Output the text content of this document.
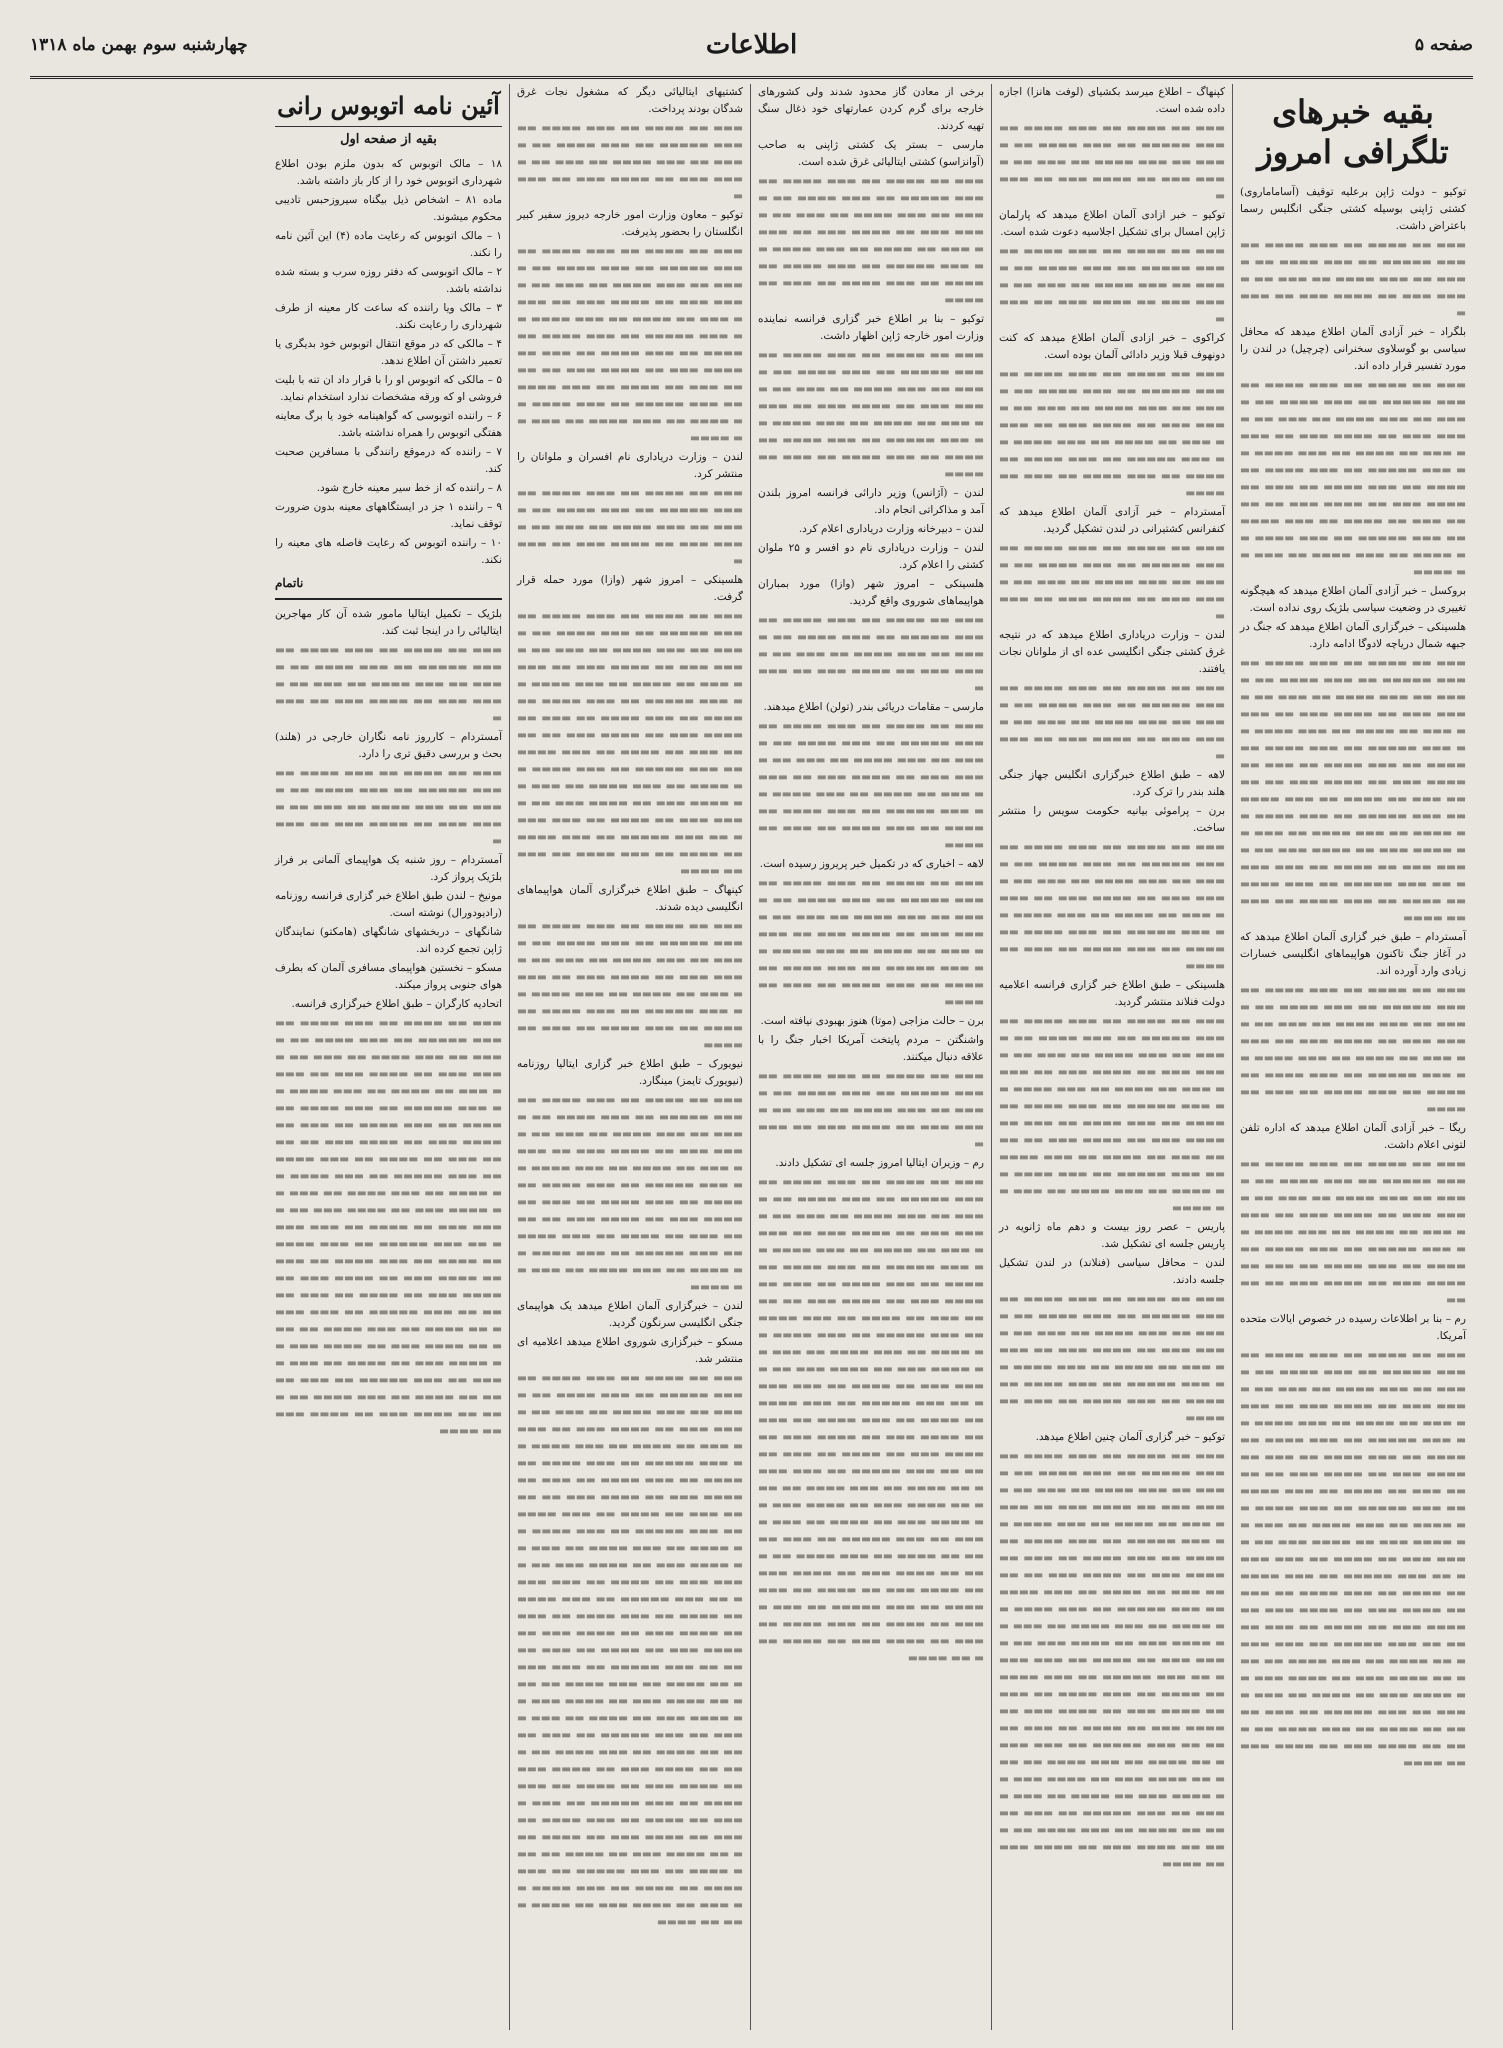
صفحه ۵
اطلاعات
چهارشنبه سوم بهمن ماه ۱۳۱۸
بقیه خبرهای تلگرافی امروز

توکیو – دولت ژاپن برعلیه توقیف (آساماماروی) کشتی ژاپنی بوسیله کشتی جنگی انگلیس رسما باعتراض داشت.

▬▬▬ ▬▬ ▬▬▬▬ ▬▬ ▬▬▬ ▬▬▬▬ ▬▬ ▬▬▬ ▬▬▬▬▬ ▬▬ ▬▬▬ ▬▬▬▬ ▬▬ ▬▬▬▬ ▬▬ ▬▬▬ ▬▬▬▬ ▬▬ ▬▬▬ ▬▬ ▬▬▬▬ ▬▬▬ ▬▬ ▬▬▬▬ ▬▬▬ ▬▬ ▬▬▬▬

بلگراد – خبر آزادی آلمان اطلاع میدهد که محافل سیاسی بو گوسلاوی سخنرانی (چرچیل) در لندن را مورد تفسیر قرار داده اند.

▬▬▬ ▬▬ ▬▬▬▬ ▬▬ ▬▬▬ ▬▬▬▬ ▬▬ ▬▬▬ ▬▬▬▬▬ ▬▬ ▬▬▬ ▬▬▬▬ ▬▬ ▬▬▬▬ ▬▬ ▬▬▬ ▬▬▬▬ ▬▬ ▬▬▬ ▬▬ ▬▬▬▬ ▬▬▬ ▬▬ ▬▬▬▬ ▬▬▬ ▬▬ ▬▬▬▬ ▬▬▬ ▬▬ ▬▬▬▬ ▬▬ ▬▬▬ ▬▬▬▬ ▬▬ ▬▬▬ ▬▬▬▬▬ ▬▬ ▬▬▬ ▬▬▬▬ ▬▬ ▬▬▬▬ ▬▬ ▬▬▬ ▬▬▬▬ ▬▬ ▬▬▬ ▬▬ ▬▬▬▬ ▬▬▬ ▬▬ ▬▬▬▬ ▬▬▬ ▬▬ ▬▬▬▬ ▬▬▬ ▬▬ ▬▬▬▬ ▬▬ ▬▬▬ ▬▬▬▬ ▬▬ ▬▬▬ ▬▬▬▬▬ ▬▬ ▬▬▬ ▬▬▬▬ ▬▬ ▬▬▬▬ ▬▬ ▬▬▬ ▬▬▬▬ ▬▬ ▬▬▬ ▬▬ ▬▬▬▬

بروکسل – خبر آزادی آلمان اطلاع میدهد که هیچگونه تغییری در وضعیت سیاسی بلژیک روی نداده است.

هلسینکی – خبرگزاری آلمان اطلاع میدهد که جنگ در جبهه شمال دریاچه لادوگا ادامه دارد.

▬▬▬ ▬▬ ▬▬▬▬ ▬▬ ▬▬▬ ▬▬▬▬ ▬▬ ▬▬▬ ▬▬▬▬▬ ▬▬ ▬▬▬ ▬▬▬▬ ▬▬ ▬▬▬▬ ▬▬ ▬▬▬ ▬▬▬▬ ▬▬ ▬▬▬ ▬▬ ▬▬▬▬ ▬▬▬ ▬▬ ▬▬▬▬ ▬▬▬ ▬▬ ▬▬▬▬ ▬▬▬ ▬▬ ▬▬▬▬ ▬▬ ▬▬▬ ▬▬▬▬ ▬▬ ▬▬▬ ▬▬▬▬▬ ▬▬ ▬▬▬ ▬▬▬▬ ▬▬ ▬▬▬▬ ▬▬ ▬▬▬ ▬▬▬▬ ▬▬ ▬▬▬ ▬▬ ▬▬▬▬ ▬▬▬ ▬▬ ▬▬▬▬ ▬▬▬ ▬▬ ▬▬▬▬ ▬▬▬ ▬▬ ▬▬▬▬ ▬▬ ▬▬▬ ▬▬▬▬ ▬▬ ▬▬▬ ▬▬▬▬▬ ▬▬ ▬▬▬ ▬▬▬▬ ▬▬ ▬▬▬▬ ▬▬ ▬▬▬ ▬▬▬▬ ▬▬ ▬▬▬ ▬▬ ▬▬▬▬ ▬▬▬ ▬▬ ▬▬▬▬ ▬▬▬ ▬▬ ▬▬▬▬ ▬▬▬ ▬▬ ▬▬▬▬ ▬▬ ▬▬▬ ▬▬▬▬ ▬▬ ▬▬▬ ▬▬▬▬▬ ▬▬ ▬▬▬ ▬▬▬▬ ▬▬ ▬▬▬▬ ▬▬ ▬▬▬ ▬▬▬▬ ▬▬ ▬▬▬ ▬▬ ▬▬▬▬

آمستردام – طبق خبر گزاری آلمان اطلاع میدهد که در آغاز جنگ تاکنون هواپیماهای انگلیسی خسارات زیادی وارد آورده اند.

▬▬▬ ▬▬ ▬▬▬▬ ▬▬ ▬▬▬ ▬▬▬▬ ▬▬ ▬▬▬ ▬▬▬▬▬ ▬▬ ▬▬▬ ▬▬▬▬ ▬▬ ▬▬▬▬ ▬▬ ▬▬▬ ▬▬▬▬ ▬▬ ▬▬▬ ▬▬ ▬▬▬▬ ▬▬▬ ▬▬ ▬▬▬▬ ▬▬▬ ▬▬ ▬▬▬▬ ▬▬▬ ▬▬ ▬▬▬▬ ▬▬ ▬▬▬ ▬▬▬▬ ▬▬ ▬▬▬ ▬▬▬▬▬ ▬▬ ▬▬▬ ▬▬▬▬ ▬▬ ▬▬▬▬ ▬▬ ▬▬▬ ▬▬▬▬ ▬▬ ▬▬▬ ▬▬ ▬▬▬▬

ریگا – خبر آزادی آلمان اطلاع میدهد که اداره تلفن لتونی اعلام داشت.

▬▬▬ ▬▬ ▬▬▬▬ ▬▬ ▬▬▬ ▬▬▬▬ ▬▬ ▬▬▬ ▬▬▬▬▬ ▬▬ ▬▬▬ ▬▬▬▬ ▬▬ ▬▬▬▬ ▬▬ ▬▬▬ ▬▬▬▬ ▬▬ ▬▬▬ ▬▬ ▬▬▬▬ ▬▬▬ ▬▬ ▬▬▬▬ ▬▬▬ ▬▬ ▬▬▬▬ ▬▬▬ ▬▬ ▬▬▬▬ ▬▬ ▬▬▬ ▬▬▬▬ ▬▬ ▬▬▬ ▬▬▬▬▬ ▬▬ ▬▬▬ ▬▬▬▬ ▬▬ ▬▬▬▬ ▬▬ ▬▬▬ ▬▬▬▬ ▬▬ ▬▬▬ ▬▬ ▬▬▬▬ ▬▬▬ ▬▬ ▬▬▬▬ ▬▬▬ ▬▬ ▬▬▬▬

رم – بنا بر اطلاعات رسیده در خصوص ایالات متحده آمریکا.

▬▬▬ ▬▬ ▬▬▬▬ ▬▬ ▬▬▬ ▬▬▬▬ ▬▬ ▬▬▬ ▬▬▬▬▬ ▬▬ ▬▬▬ ▬▬▬▬ ▬▬ ▬▬▬▬ ▬▬ ▬▬▬ ▬▬▬▬ ▬▬ ▬▬▬ ▬▬ ▬▬▬▬ ▬▬▬ ▬▬ ▬▬▬▬ ▬▬▬ ▬▬ ▬▬▬▬ ▬▬▬ ▬▬ ▬▬▬▬ ▬▬ ▬▬▬ ▬▬▬▬ ▬▬ ▬▬▬ ▬▬▬▬▬ ▬▬ ▬▬▬ ▬▬▬▬ ▬▬ ▬▬▬▬ ▬▬ ▬▬▬ ▬▬▬▬ ▬▬ ▬▬▬ ▬▬ ▬▬▬▬ ▬▬▬ ▬▬ ▬▬▬▬ ▬▬▬ ▬▬ ▬▬▬▬ ▬▬▬ ▬▬ ▬▬▬▬ ▬▬ ▬▬▬ ▬▬▬▬ ▬▬ ▬▬▬ ▬▬▬▬▬ ▬▬ ▬▬▬ ▬▬▬▬ ▬▬ ▬▬▬▬ ▬▬ ▬▬▬ ▬▬▬▬ ▬▬ ▬▬▬ ▬▬ ▬▬▬▬ ▬▬▬ ▬▬ ▬▬▬▬ ▬▬▬ ▬▬ ▬▬▬▬ ▬▬▬ ▬▬ ▬▬▬▬ ▬▬ ▬▬▬ ▬▬▬▬ ▬▬ ▬▬▬ ▬▬▬▬▬ ▬▬ ▬▬▬ ▬▬▬▬ ▬▬ ▬▬▬▬ ▬▬ ▬▬▬ ▬▬▬▬ ▬▬ ▬▬▬ ▬▬ ▬▬▬▬ ▬▬▬ ▬▬ ▬▬▬▬ ▬▬▬ ▬▬ ▬▬▬▬ ▬▬▬ ▬▬ ▬▬▬▬ ▬▬ ▬▬▬ ▬▬▬▬ ▬▬ ▬▬▬ ▬▬▬▬▬ ▬▬ ▬▬▬ ▬▬▬▬ ▬▬ ▬▬▬▬ ▬▬ ▬▬▬ ▬▬▬▬ ▬▬ ▬▬▬ ▬▬ ▬▬▬▬ ▬▬▬ ▬▬ ▬▬▬▬ ▬▬▬ ▬▬ ▬▬▬▬ ▬▬▬ ▬▬ ▬▬▬▬ ▬▬ ▬▬▬ ▬▬▬▬ ▬▬ ▬▬▬ ▬▬▬▬▬ ▬▬ ▬▬▬ ▬▬▬▬ ▬▬ ▬▬▬▬ ▬▬ ▬▬▬ ▬▬▬▬ ▬▬ ▬▬▬ ▬▬ ▬▬▬▬ ▬▬▬ ▬▬ ▬▬▬▬ ▬▬▬ ▬▬ ▬▬▬▬

کپنهاگ – اطلاع میرسد بکشیای (لوفت هانزا) اجازه داده شده است.

▬▬▬ ▬▬ ▬▬▬▬ ▬▬ ▬▬▬ ▬▬▬▬ ▬▬ ▬▬▬ ▬▬▬▬▬ ▬▬ ▬▬▬ ▬▬▬▬ ▬▬ ▬▬▬▬ ▬▬ ▬▬▬ ▬▬▬▬ ▬▬ ▬▬▬ ▬▬ ▬▬▬▬ ▬▬▬ ▬▬ ▬▬▬▬ ▬▬▬ ▬▬ ▬▬▬▬

توکیو – خبر ازادی آلمان اطلاع میدهد که پارلمان ژاپن امسال برای تشکیل اجلاسیه دعوت شده است.

▬▬▬ ▬▬ ▬▬▬▬ ▬▬ ▬▬▬ ▬▬▬▬ ▬▬ ▬▬▬ ▬▬▬▬▬ ▬▬ ▬▬▬ ▬▬▬▬ ▬▬ ▬▬▬▬ ▬▬ ▬▬▬ ▬▬▬▬ ▬▬ ▬▬▬ ▬▬ ▬▬▬▬ ▬▬▬ ▬▬ ▬▬▬▬ ▬▬▬ ▬▬ ▬▬▬▬

کراکوی – خبر ازادی آلمان اطلاع میدهد که کنت دونهوف قبلا وزیر دادائی آلمان بوده است.

▬▬▬ ▬▬ ▬▬▬▬ ▬▬ ▬▬▬ ▬▬▬▬ ▬▬ ▬▬▬ ▬▬▬▬▬ ▬▬ ▬▬▬ ▬▬▬▬ ▬▬ ▬▬▬▬ ▬▬ ▬▬▬ ▬▬▬▬ ▬▬ ▬▬▬ ▬▬ ▬▬▬▬ ▬▬▬ ▬▬ ▬▬▬▬ ▬▬▬ ▬▬ ▬▬▬▬ ▬▬▬ ▬▬ ▬▬▬▬ ▬▬ ▬▬▬ ▬▬▬▬ ▬▬ ▬▬▬ ▬▬▬▬▬ ▬▬ ▬▬▬ ▬▬▬▬ ▬▬ ▬▬▬▬ ▬▬ ▬▬▬ ▬▬▬▬ ▬▬ ▬▬▬ ▬▬ ▬▬▬▬

آمستردام – خبر آزادی آلمان اطلاع میدهد که کنفرانس کشتیرانی در لندن تشکیل گردید.

▬▬▬ ▬▬ ▬▬▬▬ ▬▬ ▬▬▬ ▬▬▬▬ ▬▬ ▬▬▬ ▬▬▬▬▬ ▬▬ ▬▬▬ ▬▬▬▬ ▬▬ ▬▬▬▬ ▬▬ ▬▬▬ ▬▬▬▬ ▬▬ ▬▬▬ ▬▬ ▬▬▬▬ ▬▬▬ ▬▬ ▬▬▬▬ ▬▬▬ ▬▬ ▬▬▬▬

لندن – وزارت دریاداری اطلاع میدهد که در نتیجه غرق کشتی جنگی انگلیسی عده ای از ملوانان نجات یافتند.

▬▬▬ ▬▬ ▬▬▬▬ ▬▬ ▬▬▬ ▬▬▬▬ ▬▬ ▬▬▬ ▬▬▬▬▬ ▬▬ ▬▬▬ ▬▬▬▬ ▬▬ ▬▬▬▬ ▬▬ ▬▬▬ ▬▬▬▬ ▬▬ ▬▬▬ ▬▬ ▬▬▬▬ ▬▬▬ ▬▬ ▬▬▬▬ ▬▬▬ ▬▬ ▬▬▬▬

لاهه – طبق اطلاع خبرگزاری انگلیس جهاز جنگی هلند بندر را ترک کرد.

برن – پراموئی بیانیه حکومت سویس را منتشر ساخت.

▬▬▬ ▬▬ ▬▬▬▬ ▬▬ ▬▬▬ ▬▬▬▬ ▬▬ ▬▬▬ ▬▬▬▬▬ ▬▬ ▬▬▬ ▬▬▬▬ ▬▬ ▬▬▬▬ ▬▬ ▬▬▬ ▬▬▬▬ ▬▬ ▬▬▬ ▬▬ ▬▬▬▬ ▬▬▬ ▬▬ ▬▬▬▬ ▬▬▬ ▬▬ ▬▬▬▬ ▬▬▬ ▬▬ ▬▬▬▬ ▬▬ ▬▬▬ ▬▬▬▬ ▬▬ ▬▬▬ ▬▬▬▬▬ ▬▬ ▬▬▬ ▬▬▬▬ ▬▬ ▬▬▬▬ ▬▬ ▬▬▬ ▬▬▬▬ ▬▬ ▬▬▬ ▬▬ ▬▬▬▬

هلسینکی – طبق اطلاع خبر گزاری فرانسه اعلامیه دولت فنلاند منتشر گردید.

▬▬▬ ▬▬ ▬▬▬▬ ▬▬ ▬▬▬ ▬▬▬▬ ▬▬ ▬▬▬ ▬▬▬▬▬ ▬▬ ▬▬▬ ▬▬▬▬ ▬▬ ▬▬▬▬ ▬▬ ▬▬▬ ▬▬▬▬ ▬▬ ▬▬▬ ▬▬ ▬▬▬▬ ▬▬▬ ▬▬ ▬▬▬▬ ▬▬▬ ▬▬ ▬▬▬▬ ▬▬▬ ▬▬ ▬▬▬▬ ▬▬ ▬▬▬ ▬▬▬▬ ▬▬ ▬▬▬ ▬▬▬▬▬ ▬▬ ▬▬▬ ▬▬▬▬ ▬▬ ▬▬▬▬ ▬▬ ▬▬▬ ▬▬▬▬ ▬▬ ▬▬▬ ▬▬ ▬▬▬▬ ▬▬▬ ▬▬ ▬▬▬▬ ▬▬▬ ▬▬ ▬▬▬▬ ▬▬▬ ▬▬ ▬▬▬▬ ▬▬ ▬▬▬ ▬▬▬▬ ▬▬ ▬▬▬ ▬▬▬▬▬ ▬▬ ▬▬▬ ▬▬▬▬ ▬▬ ▬▬▬▬ ▬▬ ▬▬▬ ▬▬▬▬ ▬▬ ▬▬▬ ▬▬ ▬▬▬▬

پاریس – عصر روز بیست و دهم ماه ژانویه در پاریس جلسه ای تشکیل شد.

لندن – محافل سیاسی (فنلاند) در لندن تشکیل جلسه دادند.

▬▬▬ ▬▬ ▬▬▬▬ ▬▬ ▬▬▬ ▬▬▬▬ ▬▬ ▬▬▬ ▬▬▬▬▬ ▬▬ ▬▬▬ ▬▬▬▬ ▬▬ ▬▬▬▬ ▬▬ ▬▬▬ ▬▬▬▬ ▬▬ ▬▬▬ ▬▬ ▬▬▬▬ ▬▬▬ ▬▬ ▬▬▬▬ ▬▬▬ ▬▬ ▬▬▬▬ ▬▬▬ ▬▬ ▬▬▬▬ ▬▬ ▬▬▬ ▬▬▬▬ ▬▬ ▬▬▬ ▬▬▬▬▬ ▬▬ ▬▬▬ ▬▬▬▬ ▬▬ ▬▬▬▬ ▬▬ ▬▬▬ ▬▬▬▬ ▬▬ ▬▬▬ ▬▬ ▬▬▬▬

توکیو – خبر گزاری آلمان چنین اطلاع میدهد.

▬▬▬ ▬▬ ▬▬▬▬ ▬▬ ▬▬▬ ▬▬▬▬ ▬▬ ▬▬▬ ▬▬▬▬▬ ▬▬ ▬▬▬ ▬▬▬▬ ▬▬ ▬▬▬▬ ▬▬ ▬▬▬ ▬▬▬▬ ▬▬ ▬▬▬ ▬▬ ▬▬▬▬ ▬▬▬ ▬▬ ▬▬▬▬ ▬▬▬ ▬▬ ▬▬▬▬ ▬▬▬ ▬▬ ▬▬▬▬ ▬▬ ▬▬▬ ▬▬▬▬ ▬▬ ▬▬▬ ▬▬▬▬▬ ▬▬ ▬▬▬ ▬▬▬▬ ▬▬ ▬▬▬▬ ▬▬ ▬▬▬ ▬▬▬▬ ▬▬ ▬▬▬ ▬▬ ▬▬▬▬ ▬▬▬ ▬▬ ▬▬▬▬ ▬▬▬ ▬▬ ▬▬▬▬ ▬▬▬ ▬▬ ▬▬▬▬ ▬▬ ▬▬▬ ▬▬▬▬ ▬▬ ▬▬▬ ▬▬▬▬▬ ▬▬ ▬▬▬ ▬▬▬▬ ▬▬ ▬▬▬▬ ▬▬ ▬▬▬ ▬▬▬▬ ▬▬ ▬▬▬ ▬▬ ▬▬▬▬ ▬▬▬ ▬▬ ▬▬▬▬ ▬▬▬ ▬▬ ▬▬▬▬ ▬▬▬ ▬▬ ▬▬▬▬ ▬▬ ▬▬▬ ▬▬▬▬ ▬▬ ▬▬▬ ▬▬▬▬▬ ▬▬ ▬▬▬ ▬▬▬▬ ▬▬ ▬▬▬▬ ▬▬ ▬▬▬ ▬▬▬▬ ▬▬ ▬▬▬ ▬▬ ▬▬▬▬ ▬▬▬ ▬▬ ▬▬▬▬ ▬▬▬ ▬▬ ▬▬▬▬ ▬▬▬ ▬▬ ▬▬▬▬ ▬▬ ▬▬▬ ▬▬▬▬ ▬▬ ▬▬▬ ▬▬▬▬▬ ▬▬ ▬▬▬ ▬▬▬▬ ▬▬ ▬▬▬▬ ▬▬ ▬▬▬ ▬▬▬▬ ▬▬ ▬▬▬ ▬▬ ▬▬▬▬ ▬▬▬ ▬▬ ▬▬▬▬ ▬▬▬ ▬▬ ▬▬▬▬ ▬▬▬ ▬▬ ▬▬▬▬ ▬▬ ▬▬▬ ▬▬▬▬ ▬▬ ▬▬▬ ▬▬▬▬▬ ▬▬ ▬▬▬ ▬▬▬▬ ▬▬ ▬▬▬▬ ▬▬ ▬▬▬ ▬▬▬▬ ▬▬ ▬▬▬ ▬▬ ▬▬▬▬ ▬▬▬ ▬▬ ▬▬▬▬ ▬▬▬ ▬▬ ▬▬▬▬

برخی از معادن گاز محدود شدند ولی کشورهای خارجه برای گرم کردن عمارتهای خود ذغال سنگ تهیه کردند.

مارسی – بستر یک کشتی ژاپنی به صاحب (آوانزاسو) کشتی ایتالیائی غرق شده است.

▬▬▬ ▬▬ ▬▬▬▬ ▬▬ ▬▬▬ ▬▬▬▬ ▬▬ ▬▬▬ ▬▬▬▬▬ ▬▬ ▬▬▬ ▬▬▬▬ ▬▬ ▬▬▬▬ ▬▬ ▬▬▬ ▬▬▬▬ ▬▬ ▬▬▬ ▬▬ ▬▬▬▬ ▬▬▬ ▬▬ ▬▬▬▬ ▬▬▬ ▬▬ ▬▬▬▬ ▬▬▬ ▬▬ ▬▬▬▬ ▬▬ ▬▬▬ ▬▬▬▬ ▬▬ ▬▬▬ ▬▬▬▬▬ ▬▬ ▬▬▬ ▬▬▬▬ ▬▬ ▬▬▬▬ ▬▬ ▬▬▬ ▬▬▬▬ ▬▬ ▬▬▬ ▬▬ ▬▬▬▬

توکیو – بنا بر اطلاع خبر گزاری فرانسه نماینده وزارت امور خارجه ژاپن اظهار داشت.

▬▬▬ ▬▬ ▬▬▬▬ ▬▬ ▬▬▬ ▬▬▬▬ ▬▬ ▬▬▬ ▬▬▬▬▬ ▬▬ ▬▬▬ ▬▬▬▬ ▬▬ ▬▬▬▬ ▬▬ ▬▬▬ ▬▬▬▬ ▬▬ ▬▬▬ ▬▬ ▬▬▬▬ ▬▬▬ ▬▬ ▬▬▬▬ ▬▬▬ ▬▬ ▬▬▬▬ ▬▬▬ ▬▬ ▬▬▬▬ ▬▬ ▬▬▬ ▬▬▬▬ ▬▬ ▬▬▬ ▬▬▬▬▬ ▬▬ ▬▬▬ ▬▬▬▬ ▬▬ ▬▬▬▬ ▬▬ ▬▬▬ ▬▬▬▬ ▬▬ ▬▬▬ ▬▬ ▬▬▬▬

لندن – (آژانس) وزیر دارائی فرانسه امروز بلندن آمد و مذاکراتی انجام داد.

لندن – دبیرخانه وزارت دریاداری اعلام کرد.

لندن – وزارت دریاداری نام دو افسر و ۲۵ ملوان کشتی را اعلام کرد.

هلسینکی – امروز شهر (وازا) مورد بمباران هواپیماهای شوروی واقع گردید.

▬▬▬ ▬▬ ▬▬▬▬ ▬▬ ▬▬▬ ▬▬▬▬ ▬▬ ▬▬▬ ▬▬▬▬▬ ▬▬ ▬▬▬ ▬▬▬▬ ▬▬ ▬▬▬▬ ▬▬ ▬▬▬ ▬▬▬▬ ▬▬ ▬▬▬ ▬▬ ▬▬▬▬ ▬▬▬ ▬▬ ▬▬▬▬ ▬▬▬ ▬▬ ▬▬▬▬

مارسی – مقامات دریائی بندر (تولن) اطلاع میدهند.

▬▬▬ ▬▬ ▬▬▬▬ ▬▬ ▬▬▬ ▬▬▬▬ ▬▬ ▬▬▬ ▬▬▬▬▬ ▬▬ ▬▬▬ ▬▬▬▬ ▬▬ ▬▬▬▬ ▬▬ ▬▬▬ ▬▬▬▬ ▬▬ ▬▬▬ ▬▬ ▬▬▬▬ ▬▬▬ ▬▬ ▬▬▬▬ ▬▬▬ ▬▬ ▬▬▬▬ ▬▬▬ ▬▬ ▬▬▬▬ ▬▬ ▬▬▬ ▬▬▬▬ ▬▬ ▬▬▬ ▬▬▬▬▬ ▬▬ ▬▬▬ ▬▬▬▬ ▬▬ ▬▬▬▬ ▬▬ ▬▬▬ ▬▬▬▬ ▬▬ ▬▬▬ ▬▬ ▬▬▬▬

لاهه – اخباری که در تکمیل خبر پریروز رسیده است.

▬▬▬ ▬▬ ▬▬▬▬ ▬▬ ▬▬▬ ▬▬▬▬ ▬▬ ▬▬▬ ▬▬▬▬▬ ▬▬ ▬▬▬ ▬▬▬▬ ▬▬ ▬▬▬▬ ▬▬ ▬▬▬ ▬▬▬▬ ▬▬ ▬▬▬ ▬▬ ▬▬▬▬ ▬▬▬ ▬▬ ▬▬▬▬ ▬▬▬ ▬▬ ▬▬▬▬ ▬▬▬ ▬▬ ▬▬▬▬ ▬▬ ▬▬▬ ▬▬▬▬ ▬▬ ▬▬▬ ▬▬▬▬▬ ▬▬ ▬▬▬ ▬▬▬▬ ▬▬ ▬▬▬▬ ▬▬ ▬▬▬ ▬▬▬▬ ▬▬ ▬▬▬ ▬▬ ▬▬▬▬

برن – حالت مزاجی (موتا) هنوز بهبودی نیافته است.

واشنگتن – مردم پایتخت آمریکا اخبار جنگ را با علاقه دنبال میکنند.

▬▬▬ ▬▬ ▬▬▬▬ ▬▬ ▬▬▬ ▬▬▬▬ ▬▬ ▬▬▬ ▬▬▬▬▬ ▬▬ ▬▬▬ ▬▬▬▬ ▬▬ ▬▬▬▬ ▬▬ ▬▬▬ ▬▬▬▬ ▬▬ ▬▬▬ ▬▬ ▬▬▬▬ ▬▬▬ ▬▬ ▬▬▬▬ ▬▬▬ ▬▬ ▬▬▬▬

رم – وزیران ایتالیا امروز جلسه ای تشکیل دادند.

▬▬▬ ▬▬ ▬▬▬▬ ▬▬ ▬▬▬ ▬▬▬▬ ▬▬ ▬▬▬ ▬▬▬▬▬ ▬▬ ▬▬▬ ▬▬▬▬ ▬▬ ▬▬▬▬ ▬▬ ▬▬▬ ▬▬▬▬ ▬▬ ▬▬▬ ▬▬ ▬▬▬▬ ▬▬▬ ▬▬ ▬▬▬▬ ▬▬▬ ▬▬ ▬▬▬▬ ▬▬▬ ▬▬ ▬▬▬▬ ▬▬ ▬▬▬ ▬▬▬▬ ▬▬ ▬▬▬ ▬▬▬▬▬ ▬▬ ▬▬▬ ▬▬▬▬ ▬▬ ▬▬▬▬ ▬▬ ▬▬▬ ▬▬▬▬ ▬▬ ▬▬▬ ▬▬ ▬▬▬▬ ▬▬▬ ▬▬ ▬▬▬▬ ▬▬▬ ▬▬ ▬▬▬▬ ▬▬▬ ▬▬ ▬▬▬▬ ▬▬ ▬▬▬ ▬▬▬▬ ▬▬ ▬▬▬ ▬▬▬▬▬ ▬▬ ▬▬▬ ▬▬▬▬ ▬▬ ▬▬▬▬ ▬▬ ▬▬▬ ▬▬▬▬ ▬▬ ▬▬▬ ▬▬ ▬▬▬▬ ▬▬▬ ▬▬ ▬▬▬▬ ▬▬▬ ▬▬ ▬▬▬▬ ▬▬▬ ▬▬ ▬▬▬▬ ▬▬ ▬▬▬ ▬▬▬▬ ▬▬ ▬▬▬ ▬▬▬▬▬ ▬▬ ▬▬▬ ▬▬▬▬ ▬▬ ▬▬▬▬ ▬▬ ▬▬▬ ▬▬▬▬ ▬▬ ▬▬▬ ▬▬ ▬▬▬▬ ▬▬▬ ▬▬ ▬▬▬▬ ▬▬▬ ▬▬ ▬▬▬▬ ▬▬▬ ▬▬ ▬▬▬▬ ▬▬ ▬▬▬ ▬▬▬▬ ▬▬ ▬▬▬ ▬▬▬▬▬ ▬▬ ▬▬▬ ▬▬▬▬ ▬▬ ▬▬▬▬ ▬▬ ▬▬▬ ▬▬▬▬ ▬▬ ▬▬▬ ▬▬ ▬▬▬▬ ▬▬▬ ▬▬ ▬▬▬▬ ▬▬▬ ▬▬ ▬▬▬▬ ▬▬▬ ▬▬ ▬▬▬▬ ▬▬ ▬▬▬ ▬▬▬▬ ▬▬ ▬▬▬ ▬▬▬▬▬ ▬▬ ▬▬▬ ▬▬▬▬ ▬▬ ▬▬▬▬ ▬▬ ▬▬▬ ▬▬▬▬ ▬▬ ▬▬▬ ▬▬ ▬▬▬▬ ▬▬▬ ▬▬ ▬▬▬▬ ▬▬▬ ▬▬ ▬▬▬▬ ▬▬▬ ▬▬ ▬▬▬▬ ▬▬ ▬▬▬ ▬▬▬▬ ▬▬ ▬▬▬ ▬▬▬▬▬ ▬▬ ▬▬▬ ▬▬▬▬ ▬▬ ▬▬▬▬ ▬▬ ▬▬▬ ▬▬▬▬ ▬▬ ▬▬▬ ▬▬ ▬▬▬▬ ▬▬▬ ▬▬ ▬▬▬▬ ▬▬▬ ▬▬ ▬▬▬▬

کشتیهای ایتالیائی دیگر که مشغول نجات غرق شدگان بودند پرداخت.

▬▬▬ ▬▬ ▬▬▬▬ ▬▬ ▬▬▬ ▬▬▬▬ ▬▬ ▬▬▬ ▬▬▬▬▬ ▬▬ ▬▬▬ ▬▬▬▬ ▬▬ ▬▬▬▬ ▬▬ ▬▬▬ ▬▬▬▬ ▬▬ ▬▬▬ ▬▬ ▬▬▬▬ ▬▬▬ ▬▬ ▬▬▬▬ ▬▬▬ ▬▬ ▬▬▬▬

توکیو – معاون وزارت امور خارجه دیروز سفیر کبیر انگلستان را بحضور پذیرفت.

▬▬▬ ▬▬ ▬▬▬▬ ▬▬ ▬▬▬ ▬▬▬▬ ▬▬ ▬▬▬ ▬▬▬▬▬ ▬▬ ▬▬▬ ▬▬▬▬ ▬▬ ▬▬▬▬ ▬▬ ▬▬▬ ▬▬▬▬ ▬▬ ▬▬▬ ▬▬ ▬▬▬▬ ▬▬▬ ▬▬ ▬▬▬▬ ▬▬▬ ▬▬ ▬▬▬▬ ▬▬▬ ▬▬ ▬▬▬▬ ▬▬ ▬▬▬ ▬▬▬▬ ▬▬ ▬▬▬ ▬▬▬▬▬ ▬▬ ▬▬▬ ▬▬▬▬ ▬▬ ▬▬▬▬ ▬▬ ▬▬▬ ▬▬▬▬ ▬▬ ▬▬▬ ▬▬ ▬▬▬▬ ▬▬▬ ▬▬ ▬▬▬▬ ▬▬▬ ▬▬ ▬▬▬▬ ▬▬▬ ▬▬ ▬▬▬▬ ▬▬ ▬▬▬ ▬▬▬▬ ▬▬ ▬▬▬ ▬▬▬▬▬ ▬▬ ▬▬▬ ▬▬▬▬ ▬▬ ▬▬▬▬ ▬▬ ▬▬▬ ▬▬▬▬ ▬▬ ▬▬▬ ▬▬ ▬▬▬▬

لندن – وزارت دریاداری نام افسران و ملوانان را منتشر کرد.

▬▬▬ ▬▬ ▬▬▬▬ ▬▬ ▬▬▬ ▬▬▬▬ ▬▬ ▬▬▬ ▬▬▬▬▬ ▬▬ ▬▬▬ ▬▬▬▬ ▬▬ ▬▬▬▬ ▬▬ ▬▬▬ ▬▬▬▬ ▬▬ ▬▬▬ ▬▬ ▬▬▬▬ ▬▬▬ ▬▬ ▬▬▬▬ ▬▬▬ ▬▬ ▬▬▬▬

هلسینکی – امروز شهر (وازا) مورد حمله قرار گرفت.

▬▬▬ ▬▬ ▬▬▬▬ ▬▬ ▬▬▬ ▬▬▬▬ ▬▬ ▬▬▬ ▬▬▬▬▬ ▬▬ ▬▬▬ ▬▬▬▬ ▬▬ ▬▬▬▬ ▬▬ ▬▬▬ ▬▬▬▬ ▬▬ ▬▬▬ ▬▬ ▬▬▬▬ ▬▬▬ ▬▬ ▬▬▬▬ ▬▬▬ ▬▬ ▬▬▬▬ ▬▬▬ ▬▬ ▬▬▬▬ ▬▬ ▬▬▬ ▬▬▬▬ ▬▬ ▬▬▬ ▬▬▬▬▬ ▬▬ ▬▬▬ ▬▬▬▬ ▬▬ ▬▬▬▬ ▬▬ ▬▬▬ ▬▬▬▬ ▬▬ ▬▬▬ ▬▬ ▬▬▬▬ ▬▬▬ ▬▬ ▬▬▬▬ ▬▬▬ ▬▬ ▬▬▬▬ ▬▬▬ ▬▬ ▬▬▬▬ ▬▬ ▬▬▬ ▬▬▬▬ ▬▬ ▬▬▬ ▬▬▬▬▬ ▬▬ ▬▬▬ ▬▬▬▬ ▬▬ ▬▬▬▬ ▬▬ ▬▬▬ ▬▬▬▬ ▬▬ ▬▬▬ ▬▬ ▬▬▬▬ ▬▬▬ ▬▬ ▬▬▬▬ ▬▬▬ ▬▬ ▬▬▬▬ ▬▬▬ ▬▬ ▬▬▬▬ ▬▬ ▬▬▬ ▬▬▬▬ ▬▬ ▬▬▬ ▬▬▬▬▬ ▬▬ ▬▬▬ ▬▬▬▬ ▬▬ ▬▬▬▬ ▬▬ ▬▬▬ ▬▬▬▬ ▬▬ ▬▬▬ ▬▬ ▬▬▬▬

کپنهاگ – طبق اطلاع خبرگزاری آلمان هواپیماهای انگلیسی دیده شدند.

▬▬▬ ▬▬ ▬▬▬▬ ▬▬ ▬▬▬ ▬▬▬▬ ▬▬ ▬▬▬ ▬▬▬▬▬ ▬▬ ▬▬▬ ▬▬▬▬ ▬▬ ▬▬▬▬ ▬▬ ▬▬▬ ▬▬▬▬ ▬▬ ▬▬▬ ▬▬ ▬▬▬▬ ▬▬▬ ▬▬ ▬▬▬▬ ▬▬▬ ▬▬ ▬▬▬▬ ▬▬▬ ▬▬ ▬▬▬▬ ▬▬ ▬▬▬ ▬▬▬▬ ▬▬ ▬▬▬ ▬▬▬▬▬ ▬▬ ▬▬▬ ▬▬▬▬ ▬▬ ▬▬▬▬ ▬▬ ▬▬▬ ▬▬▬▬ ▬▬ ▬▬▬ ▬▬ ▬▬▬▬

نیویورک – طبق اطلاع خبر گزاری ایتالیا روزنامه (نیویورک تایمز) مینگارد.

▬▬▬ ▬▬ ▬▬▬▬ ▬▬ ▬▬▬ ▬▬▬▬ ▬▬ ▬▬▬ ▬▬▬▬▬ ▬▬ ▬▬▬ ▬▬▬▬ ▬▬ ▬▬▬▬ ▬▬ ▬▬▬ ▬▬▬▬ ▬▬ ▬▬▬ ▬▬ ▬▬▬▬ ▬▬▬ ▬▬ ▬▬▬▬ ▬▬▬ ▬▬ ▬▬▬▬ ▬▬▬ ▬▬ ▬▬▬▬ ▬▬ ▬▬▬ ▬▬▬▬ ▬▬ ▬▬▬ ▬▬▬▬▬ ▬▬ ▬▬▬ ▬▬▬▬ ▬▬ ▬▬▬▬ ▬▬ ▬▬▬ ▬▬▬▬ ▬▬ ▬▬▬ ▬▬ ▬▬▬▬ ▬▬▬ ▬▬ ▬▬▬▬ ▬▬▬ ▬▬ ▬▬▬▬ ▬▬▬ ▬▬ ▬▬▬▬ ▬▬ ▬▬▬ ▬▬▬▬ ▬▬ ▬▬▬ ▬▬▬▬▬ ▬▬ ▬▬▬ ▬▬▬▬ ▬▬ ▬▬▬▬ ▬▬ ▬▬▬ ▬▬▬▬ ▬▬ ▬▬▬ ▬▬ ▬▬▬▬

لندن – خبرگزاری آلمان اطلاع میدهد یک هواپیمای جنگی انگلیسی سرنگون گردید.

مسکو – خبرگزاری شوروی اطلاع میدهد اعلامیه ای منتشر شد.

▬▬▬ ▬▬ ▬▬▬▬ ▬▬ ▬▬▬ ▬▬▬▬ ▬▬ ▬▬▬ ▬▬▬▬▬ ▬▬ ▬▬▬ ▬▬▬▬ ▬▬ ▬▬▬▬ ▬▬ ▬▬▬ ▬▬▬▬ ▬▬ ▬▬▬ ▬▬ ▬▬▬▬ ▬▬▬ ▬▬ ▬▬▬▬ ▬▬▬ ▬▬ ▬▬▬▬ ▬▬▬ ▬▬ ▬▬▬▬ ▬▬ ▬▬▬ ▬▬▬▬ ▬▬ ▬▬▬ ▬▬▬▬▬ ▬▬ ▬▬▬ ▬▬▬▬ ▬▬ ▬▬▬▬ ▬▬ ▬▬▬ ▬▬▬▬ ▬▬ ▬▬▬ ▬▬ ▬▬▬▬ ▬▬▬ ▬▬ ▬▬▬▬ ▬▬▬ ▬▬ ▬▬▬▬ ▬▬▬ ▬▬ ▬▬▬▬ ▬▬ ▬▬▬ ▬▬▬▬ ▬▬ ▬▬▬ ▬▬▬▬▬ ▬▬ ▬▬▬ ▬▬▬▬ ▬▬ ▬▬▬▬ ▬▬ ▬▬▬ ▬▬▬▬ ▬▬ ▬▬▬ ▬▬ ▬▬▬▬ ▬▬▬ ▬▬ ▬▬▬▬ ▬▬▬ ▬▬ ▬▬▬▬ ▬▬▬ ▬▬ ▬▬▬▬ ▬▬ ▬▬▬ ▬▬▬▬ ▬▬ ▬▬▬ ▬▬▬▬▬ ▬▬ ▬▬▬ ▬▬▬▬ ▬▬ ▬▬▬▬ ▬▬ ▬▬▬ ▬▬▬▬ ▬▬ ▬▬▬ ▬▬ ▬▬▬▬ ▬▬▬ ▬▬ ▬▬▬▬ ▬▬▬ ▬▬ ▬▬▬▬ ▬▬▬ ▬▬ ▬▬▬▬ ▬▬ ▬▬▬ ▬▬▬▬ ▬▬ ▬▬▬ ▬▬▬▬▬ ▬▬ ▬▬▬ ▬▬▬▬ ▬▬ ▬▬▬▬ ▬▬ ▬▬▬ ▬▬▬▬ ▬▬ ▬▬▬ ▬▬ ▬▬▬▬ ▬▬▬ ▬▬ ▬▬▬▬ ▬▬▬ ▬▬ ▬▬▬▬ ▬▬▬ ▬▬ ▬▬▬▬ ▬▬ ▬▬▬ ▬▬▬▬ ▬▬ ▬▬▬ ▬▬▬▬▬ ▬▬ ▬▬▬ ▬▬▬▬ ▬▬ ▬▬▬▬ ▬▬ ▬▬▬ ▬▬▬▬ ▬▬ ▬▬▬ ▬▬ ▬▬▬▬ ▬▬▬ ▬▬ ▬▬▬▬ ▬▬▬ ▬▬ ▬▬▬▬ ▬▬▬ ▬▬ ▬▬▬▬ ▬▬ ▬▬▬ ▬▬▬▬ ▬▬ ▬▬▬ ▬▬▬▬▬ ▬▬ ▬▬▬ ▬▬▬▬ ▬▬ ▬▬▬▬ ▬▬ ▬▬▬ ▬▬▬▬ ▬▬ ▬▬▬ ▬▬ ▬▬▬▬ ▬▬▬ ▬▬ ▬▬▬▬ ▬▬▬ ▬▬ ▬▬▬▬ ▬▬▬ ▬▬ ▬▬▬▬ ▬▬ ▬▬▬ ▬▬▬▬ ▬▬ ▬▬▬ ▬▬▬▬▬ ▬▬ ▬▬▬ ▬▬▬▬ ▬▬ ▬▬▬▬ ▬▬ ▬▬▬ ▬▬▬▬ ▬▬ ▬▬▬ ▬▬ ▬▬▬▬ ▬▬▬ ▬▬ ▬▬▬▬ ▬▬▬ ▬▬ ▬▬▬▬

آئین نامه اتوبوس رانی
بقیه از صفحه اول

۱۸ – مالک اتوبوس که بدون ملزم بودن اطلاع شهرداری اتوبوس خود را از کار باز داشته باشد.

ماده ۸۱ – اشخاص ذیل بیگناه سیروزحبس تادیبی محکوم میشوند.

۱ – مالک اتوبوس که رعایت ماده (۴) این آئین نامه را نکند.

۲ – مالک اتوبوسی که دفتر روزه سرب و بسته شده نداشته باشد.

۳ – مالک ویا راننده که ساعت کار معینه از طرف شهرداری را رعایت نکند.

۴ – مالکی که در موقع انتقال اتوبوس خود بدیگری یا تعمیر داشتن آن اطلاع ندهد.

۵ – مالکی که اتوبوس او را با قرار داد ان تنه با بلیت فروشی او که ورقه مشخصات ندارد استخدام نماید.

۶ – راننده اتوبوسی که گواهینامه خود یا برگ معاینه هفتگی اتوبوس را همراه نداشته باشد.

۷ – راننده که درموقع رانندگی با مسافرین صحبت کند.

۸ – راننده که از خط سیر معینه خارج شود.

۹ – راننده ۱ جز در ایستگاههای معینه بدون ضرورت توقف نماید.

۱۰ – راننده اتوبوس که رعایت فاصله های معینه را نکند.

ناتمام

بلژیک – تکمیل ایتالیا مامور شده آن کار مهاجرین ایتالیائی را در اینجا ثبت کند.

▬▬▬ ▬▬ ▬▬▬▬ ▬▬ ▬▬▬ ▬▬▬▬ ▬▬ ▬▬▬ ▬▬▬▬▬ ▬▬ ▬▬▬ ▬▬▬▬ ▬▬ ▬▬▬▬ ▬▬ ▬▬▬ ▬▬▬▬ ▬▬ ▬▬▬ ▬▬ ▬▬▬▬ ▬▬▬ ▬▬ ▬▬▬▬ ▬▬▬ ▬▬ ▬▬▬▬

آمستردام – کارروز نامه نگاران خارجی در (هلند) بحث و بررسی دقیق تری را دارد.

▬▬▬ ▬▬ ▬▬▬▬ ▬▬ ▬▬▬ ▬▬▬▬ ▬▬ ▬▬▬ ▬▬▬▬▬ ▬▬ ▬▬▬ ▬▬▬▬ ▬▬ ▬▬▬▬ ▬▬ ▬▬▬ ▬▬▬▬ ▬▬ ▬▬▬ ▬▬ ▬▬▬▬ ▬▬▬ ▬▬ ▬▬▬▬ ▬▬▬ ▬▬ ▬▬▬▬

آمستردام – روز شنبه یک هواپیمای آلمانی بر فراز بلژیک پرواز کرد.

مونیخ – لندن طبق اطلاع خبر گزاری فرانسه روزنامه (رادیودورال) نوشته است.

شانگهای – دربخشهای شانگهای (هامکتو) نمایندگان ژاپن تجمع کرده اند.

مسکو – نخستین هواپیمای مسافری آلمان که بطرف هوای جنوبی پرواز میکند.

اتحادیه کارگران – طبق اطلاع خبرگزاری فرانسه.

▬▬▬ ▬▬ ▬▬▬▬ ▬▬ ▬▬▬ ▬▬▬▬ ▬▬ ▬▬▬ ▬▬▬▬▬ ▬▬ ▬▬▬ ▬▬▬▬ ▬▬ ▬▬▬▬ ▬▬ ▬▬▬ ▬▬▬▬ ▬▬ ▬▬▬ ▬▬ ▬▬▬▬ ▬▬▬ ▬▬ ▬▬▬▬ ▬▬▬ ▬▬ ▬▬▬▬ ▬▬▬ ▬▬ ▬▬▬▬ ▬▬ ▬▬▬ ▬▬▬▬ ▬▬ ▬▬▬ ▬▬▬▬▬ ▬▬ ▬▬▬ ▬▬▬▬ ▬▬ ▬▬▬▬ ▬▬ ▬▬▬ ▬▬▬▬ ▬▬ ▬▬▬ ▬▬ ▬▬▬▬ ▬▬▬ ▬▬ ▬▬▬▬ ▬▬▬ ▬▬ ▬▬▬▬ ▬▬▬ ▬▬ ▬▬▬▬ ▬▬ ▬▬▬ ▬▬▬▬ ▬▬ ▬▬▬ ▬▬▬▬▬ ▬▬ ▬▬▬ ▬▬▬▬ ▬▬ ▬▬▬▬ ▬▬ ▬▬▬ ▬▬▬▬ ▬▬ ▬▬▬ ▬▬ ▬▬▬▬ ▬▬▬ ▬▬ ▬▬▬▬ ▬▬▬ ▬▬ ▬▬▬▬ ▬▬▬ ▬▬ ▬▬▬▬ ▬▬ ▬▬▬ ▬▬▬▬ ▬▬ ▬▬▬ ▬▬▬▬▬ ▬▬ ▬▬▬ ▬▬▬▬ ▬▬ ▬▬▬▬ ▬▬ ▬▬▬ ▬▬▬▬ ▬▬ ▬▬▬ ▬▬ ▬▬▬▬ ▬▬▬ ▬▬ ▬▬▬▬ ▬▬▬ ▬▬ ▬▬▬▬ ▬▬▬ ▬▬ ▬▬▬▬ ▬▬ ▬▬▬ ▬▬▬▬ ▬▬ ▬▬▬ ▬▬▬▬▬ ▬▬ ▬▬▬ ▬▬▬▬ ▬▬ ▬▬▬▬ ▬▬ ▬▬▬ ▬▬▬▬ ▬▬ ▬▬▬ ▬▬ ▬▬▬▬ ▬▬▬ ▬▬ ▬▬▬▬ ▬▬▬ ▬▬ ▬▬▬▬ ▬▬▬ ▬▬ ▬▬▬▬ ▬▬ ▬▬▬ ▬▬▬▬ ▬▬ ▬▬▬ ▬▬▬▬▬ ▬▬ ▬▬▬ ▬▬▬▬ ▬▬ ▬▬▬▬ ▬▬ ▬▬▬ ▬▬▬▬ ▬▬ ▬▬▬ ▬▬ ▬▬▬▬ ▬▬▬ ▬▬ ▬▬▬▬ ▬▬▬ ▬▬ ▬▬▬▬
